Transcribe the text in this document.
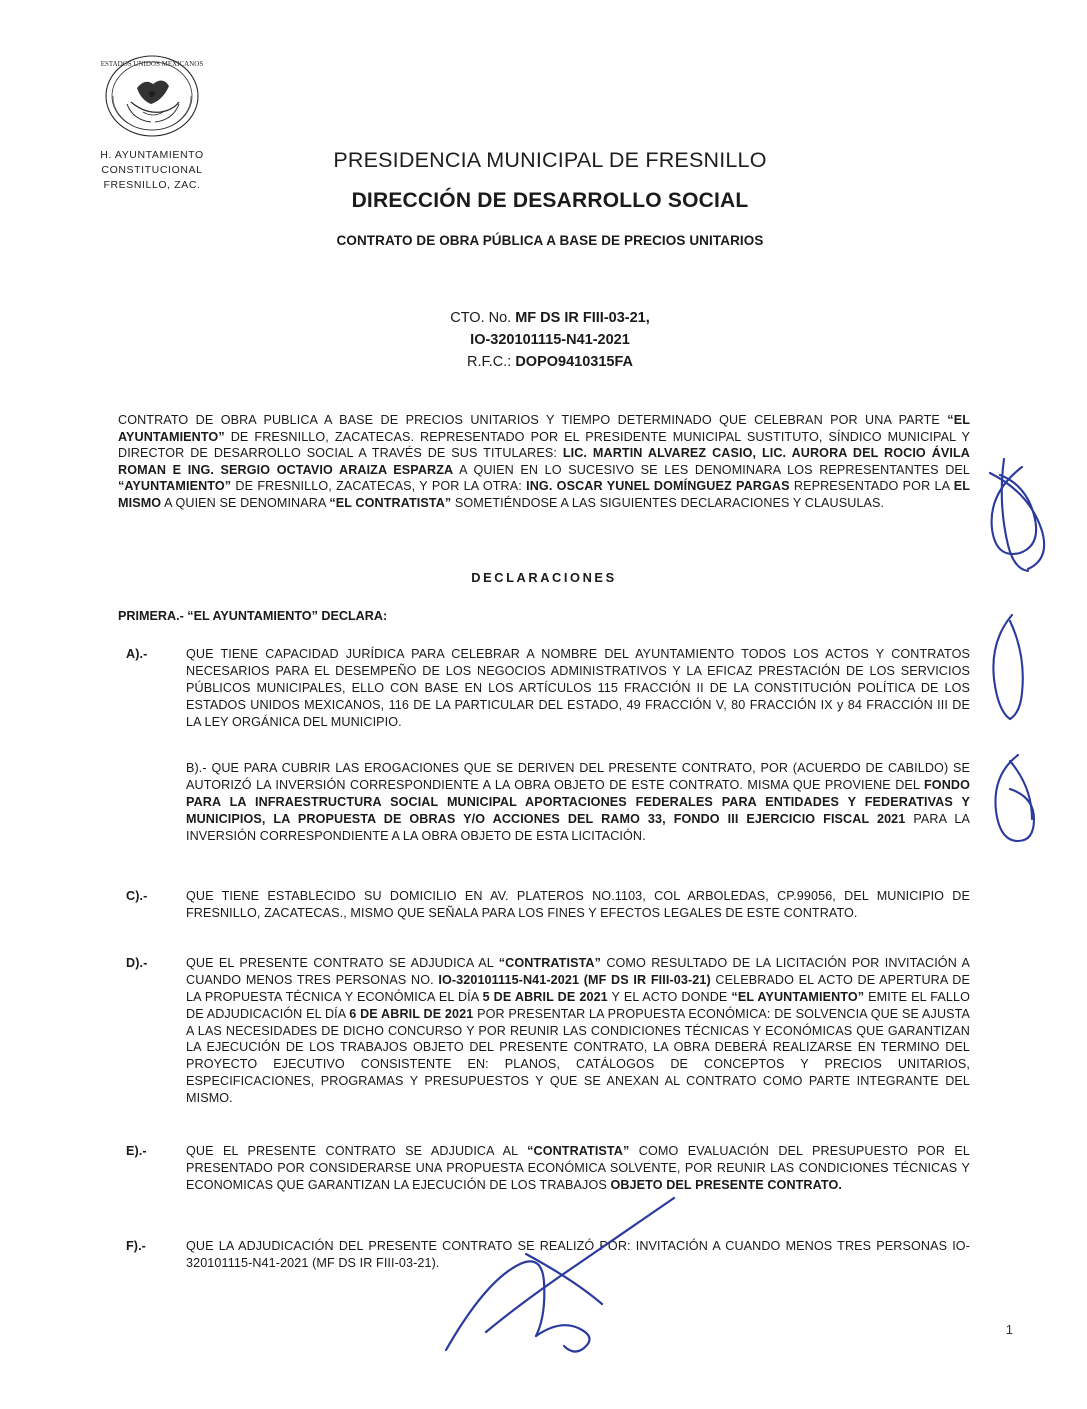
ESTADOS UNIDOS MEXICANOS
H. AYUNTAMIENTO
CONSTITUCIONAL
FRESNILLO, ZAC.
PRESIDENCIA MUNICIPAL DE FRESNILLO
DIRECCIÓN DE DESARROLLO SOCIAL
CONTRATO DE OBRA PÚBLICA A BASE DE PRECIOS UNITARIOS
CTO. No. MF DS IR FIII-03-21,
IO-320101115-N41-2021
R.F.C.: DOPO9410315FA
CONTRATO DE OBRA PUBLICA A BASE DE PRECIOS UNITARIOS Y TIEMPO DETERMINADO QUE CELEBRAN POR UNA PARTE “EL AYUNTAMIENTO” DE FRESNILLO, ZACATECAS. REPRESENTADO POR EL PRESIDENTE MUNICIPAL SUSTITUTO, SÍNDICO MUNICIPAL Y DIRECTOR DE DESARROLLO SOCIAL A TRAVÉS DE SUS TITULARES: LIC. MARTIN ALVAREZ CASIO, LIC. AURORA DEL ROCIO ÁVILA ROMAN E ING. SERGIO OCTAVIO ARAIZA ESPARZA A QUIEN EN LO SUCESIVO SE LES DENOMINARA LOS REPRESENTANTES DEL “AYUNTAMIENTO” DE FRESNILLO, ZACATECAS, Y POR LA OTRA: ING. OSCAR YUNEL DOMÍNGUEZ PARGAS REPRESENTADO POR LA EL MISMO A QUIEN SE DENOMINARA “EL CONTRATISTA” SOMETIÉNDOSE A LAS SIGUIENTES DECLARACIONES Y CLAUSULAS.
DECLARACIONES
PRIMERA.- “EL AYUNTAMIENTO” DECLARA:
A).-	QUE TIENE CAPACIDAD JURÍDICA PARA CELEBRAR A NOMBRE DEL AYUNTAMIENTO TODOS LOS ACTOS Y CONTRATOS NECESARIOS PARA EL DESEMPEÑO DE LOS NEGOCIOS ADMINISTRATIVOS Y LA EFICAZ PRESTACIÓN DE LOS SERVICIOS PÚBLICOS MUNICIPALES, ELLO CON BASE EN LOS ARTÍCULOS 115 FRACCIÓN II DE LA CONSTITUCIÓN POLÍTICA DE LOS ESTADOS UNIDOS MEXICANOS, 116 DE LA PARTICULAR DEL ESTADO, 49 FRACCIÓN V, 80 FRACCIÓN IX y 84 FRACCIÓN III DE LA LEY ORGÁNICA DEL MUNICIPIO.
B).- QUE PARA CUBRIR LAS EROGACIONES QUE SE DERIVEN DEL PRESENTE CONTRATO, POR (ACUERDO DE CABILDO) SE AUTORIZÓ LA INVERSIÓN CORRESPONDIENTE A LA OBRA OBJETO DE ESTE CONTRATO. MISMA QUE PROVIENE DEL FONDO PARA LA INFRAESTRUCTURA SOCIAL MUNICIPAL APORTACIONES FEDERALES PARA ENTIDADES Y FEDERATIVAS Y MUNICIPIOS, LA PROPUESTA DE OBRAS Y/O ACCIONES DEL RAMO 33, FONDO III EJERCICIO FISCAL 2021 PARA LA INVERSIÓN CORRESPONDIENTE A LA OBRA OBJETO DE ESTA LICITACIÓN.
C).-	QUE TIENE ESTABLECIDO SU DOMICILIO EN AV. PLATEROS NO.1103, COL ARBOLEDAS, CP.99056, DEL MUNICIPIO DE FRESNILLO, ZACATECAS., MISMO QUE SEÑALA PARA LOS FINES Y EFECTOS LEGALES DE ESTE CONTRATO.
D).-	QUE EL PRESENTE CONTRATO SE ADJUDICA AL “CONTRATISTA” COMO RESULTADO DE LA LICITACIÓN POR INVITACIÓN A CUANDO MENOS TRES PERSONAS NO. IO-320101115-N41-2021 (MF DS IR FIII-03-21) CELEBRADO EL ACTO DE APERTURA DE LA PROPUESTA TÉCNICA Y ECONÓMICA EL DÍA 5 DE ABRIL DE 2021 Y EL ACTO DONDE “EL AYUNTAMIENTO” EMITE EL FALLO DE ADJUDICACIÓN EL DÍA 6 DE ABRIL DE 2021 POR PRESENTAR LA PROPUESTA ECONÓMICA: DE SOLVENCIA QUE SE AJUSTA A LAS NECESIDADES DE DICHO CONCURSO Y POR REUNIR LAS CONDICIONES TÉCNICAS Y ECONÓMICAS QUE GARANTIZAN LA EJECUCIÓN DE LOS TRABAJOS OBJETO DEL PRESENTE CONTRATO, LA OBRA DEBERÁ REALIZARSE EN TERMINO DEL PROYECTO EJECUTIVO CONSISTENTE EN: PLANOS, CATÁLOGOS DE CONCEPTOS Y PRECIOS UNITARIOS, ESPECIFICACIONES, PROGRAMAS Y PRESUPUESTOS Y QUE SE ANEXAN AL CONTRATO COMO PARTE INTEGRANTE DEL MISMO.
E).-	QUE EL PRESENTE CONTRATO SE ADJUDICA AL “CONTRATISTA” COMO EVALUACIÓN DEL PRESUPUESTO POR EL PRESENTADO POR CONSIDERARSE UNA PROPUESTA ECONÓMICA SOLVENTE, POR REUNIR LAS CONDICIONES TÉCNICAS Y ECONOMICAS QUE GARANTIZAN LA EJECUCIÓN DE LOS TRABAJOS OBJETO DEL PRESENTE CONTRATO.
F).-	QUE LA ADJUDICACIÓN DEL PRESENTE CONTRATO SE REALIZÓ POR: INVITACIÓN A CUANDO MENOS TRES PERSONAS IO-320101115-N41-2021 (MF DS IR FIII-03-21).
1
